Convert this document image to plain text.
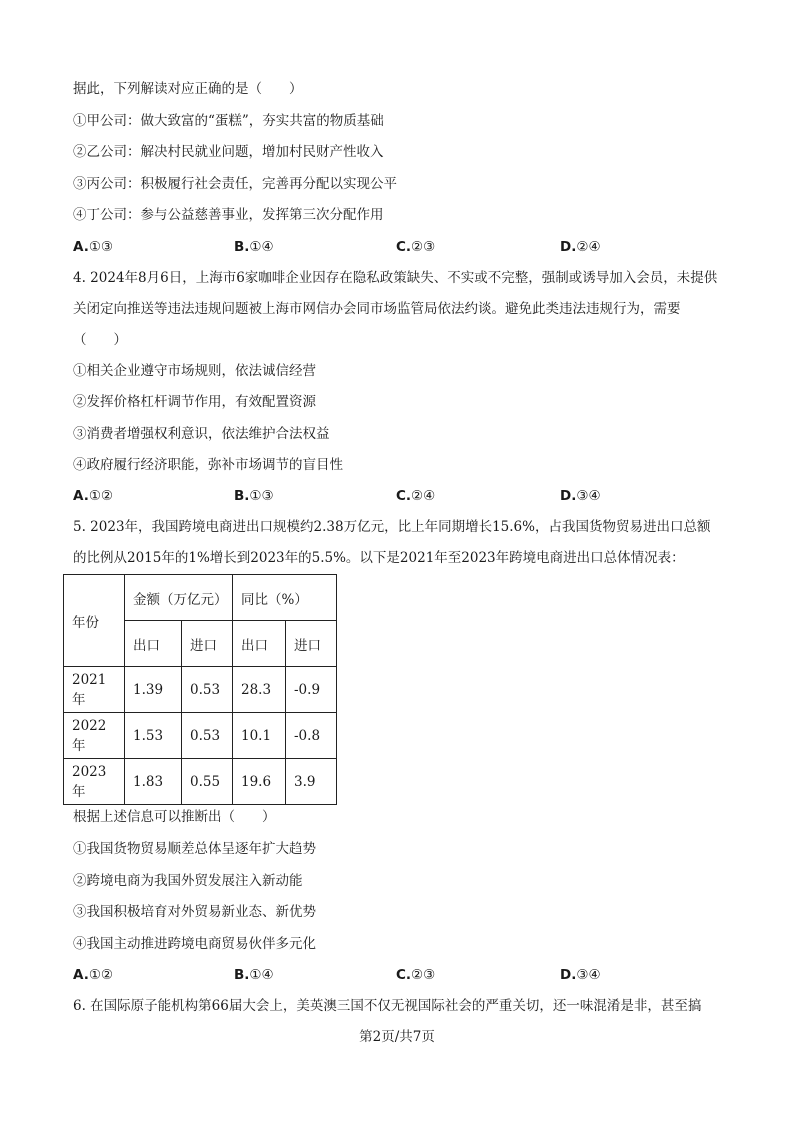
据此，下列解读对应正确的是（　　）
①甲公司：做大致富的“蛋糕”，夯实共富的物质基础
②乙公司：解决村民就业问题，增加村民财产性收入
③丙公司：积极履行社会责任，完善再分配以实现公平
④丁公司：参与公益慈善事业，发挥第三次分配作用
A.①③	B.①④	C.②③	D.②④
4. 2024年8月6日，上海市6家咖啡企业因存在隐私政策缺失、不实或不完整，强制或诱导加入会员，未提供关闭定向推送等违法违规问题被上海市网信办会同市场监管局依法约谈。避免此类违法违规行为，需要（　　）
①相关企业遵守市场规则，依法诚信经营
②发挥价格杠杆调节作用，有效配置资源
③消费者增强权利意识，依法维护合法权益
④政府履行经济职能，弥补市场调节的盲目性
A.①②	B.①③	C.②④	D.③④
5. 2023年，我国跨境电商进出口规模约2.38万亿元，比上年同期增长15.6%，占我国货物贸易进出口总额的比例从2015年的1%增长到2023年的5.5%。以下是2021年至2023年跨境电商进出口总体情况表：
年份	金额（万亿元）		同比（%）	
	出口	进口	出口	进口
2021年	1.39	0.53	28.3	-0.9
2022年	1.53	0.53	10.1	-0.8
2023年	1.83	0.55	19.6	3.9
根据上述信息可以推断出（　　）
①我国货物贸易顺差总体呈逐年扩大趋势
②跨境电商为我国外贸发展注入新动能
③我国积极培育对外贸易新业态、新优势
④我国主动推进跨境电商贸易伙伴多元化
A.①②	B.①④	C.②③	D.③④
6. 在国际原子能机构第66届大会上，美英澳三国不仅无视国际社会的严重关切，还一味混淆是非，甚至搞
第2页/共7页
